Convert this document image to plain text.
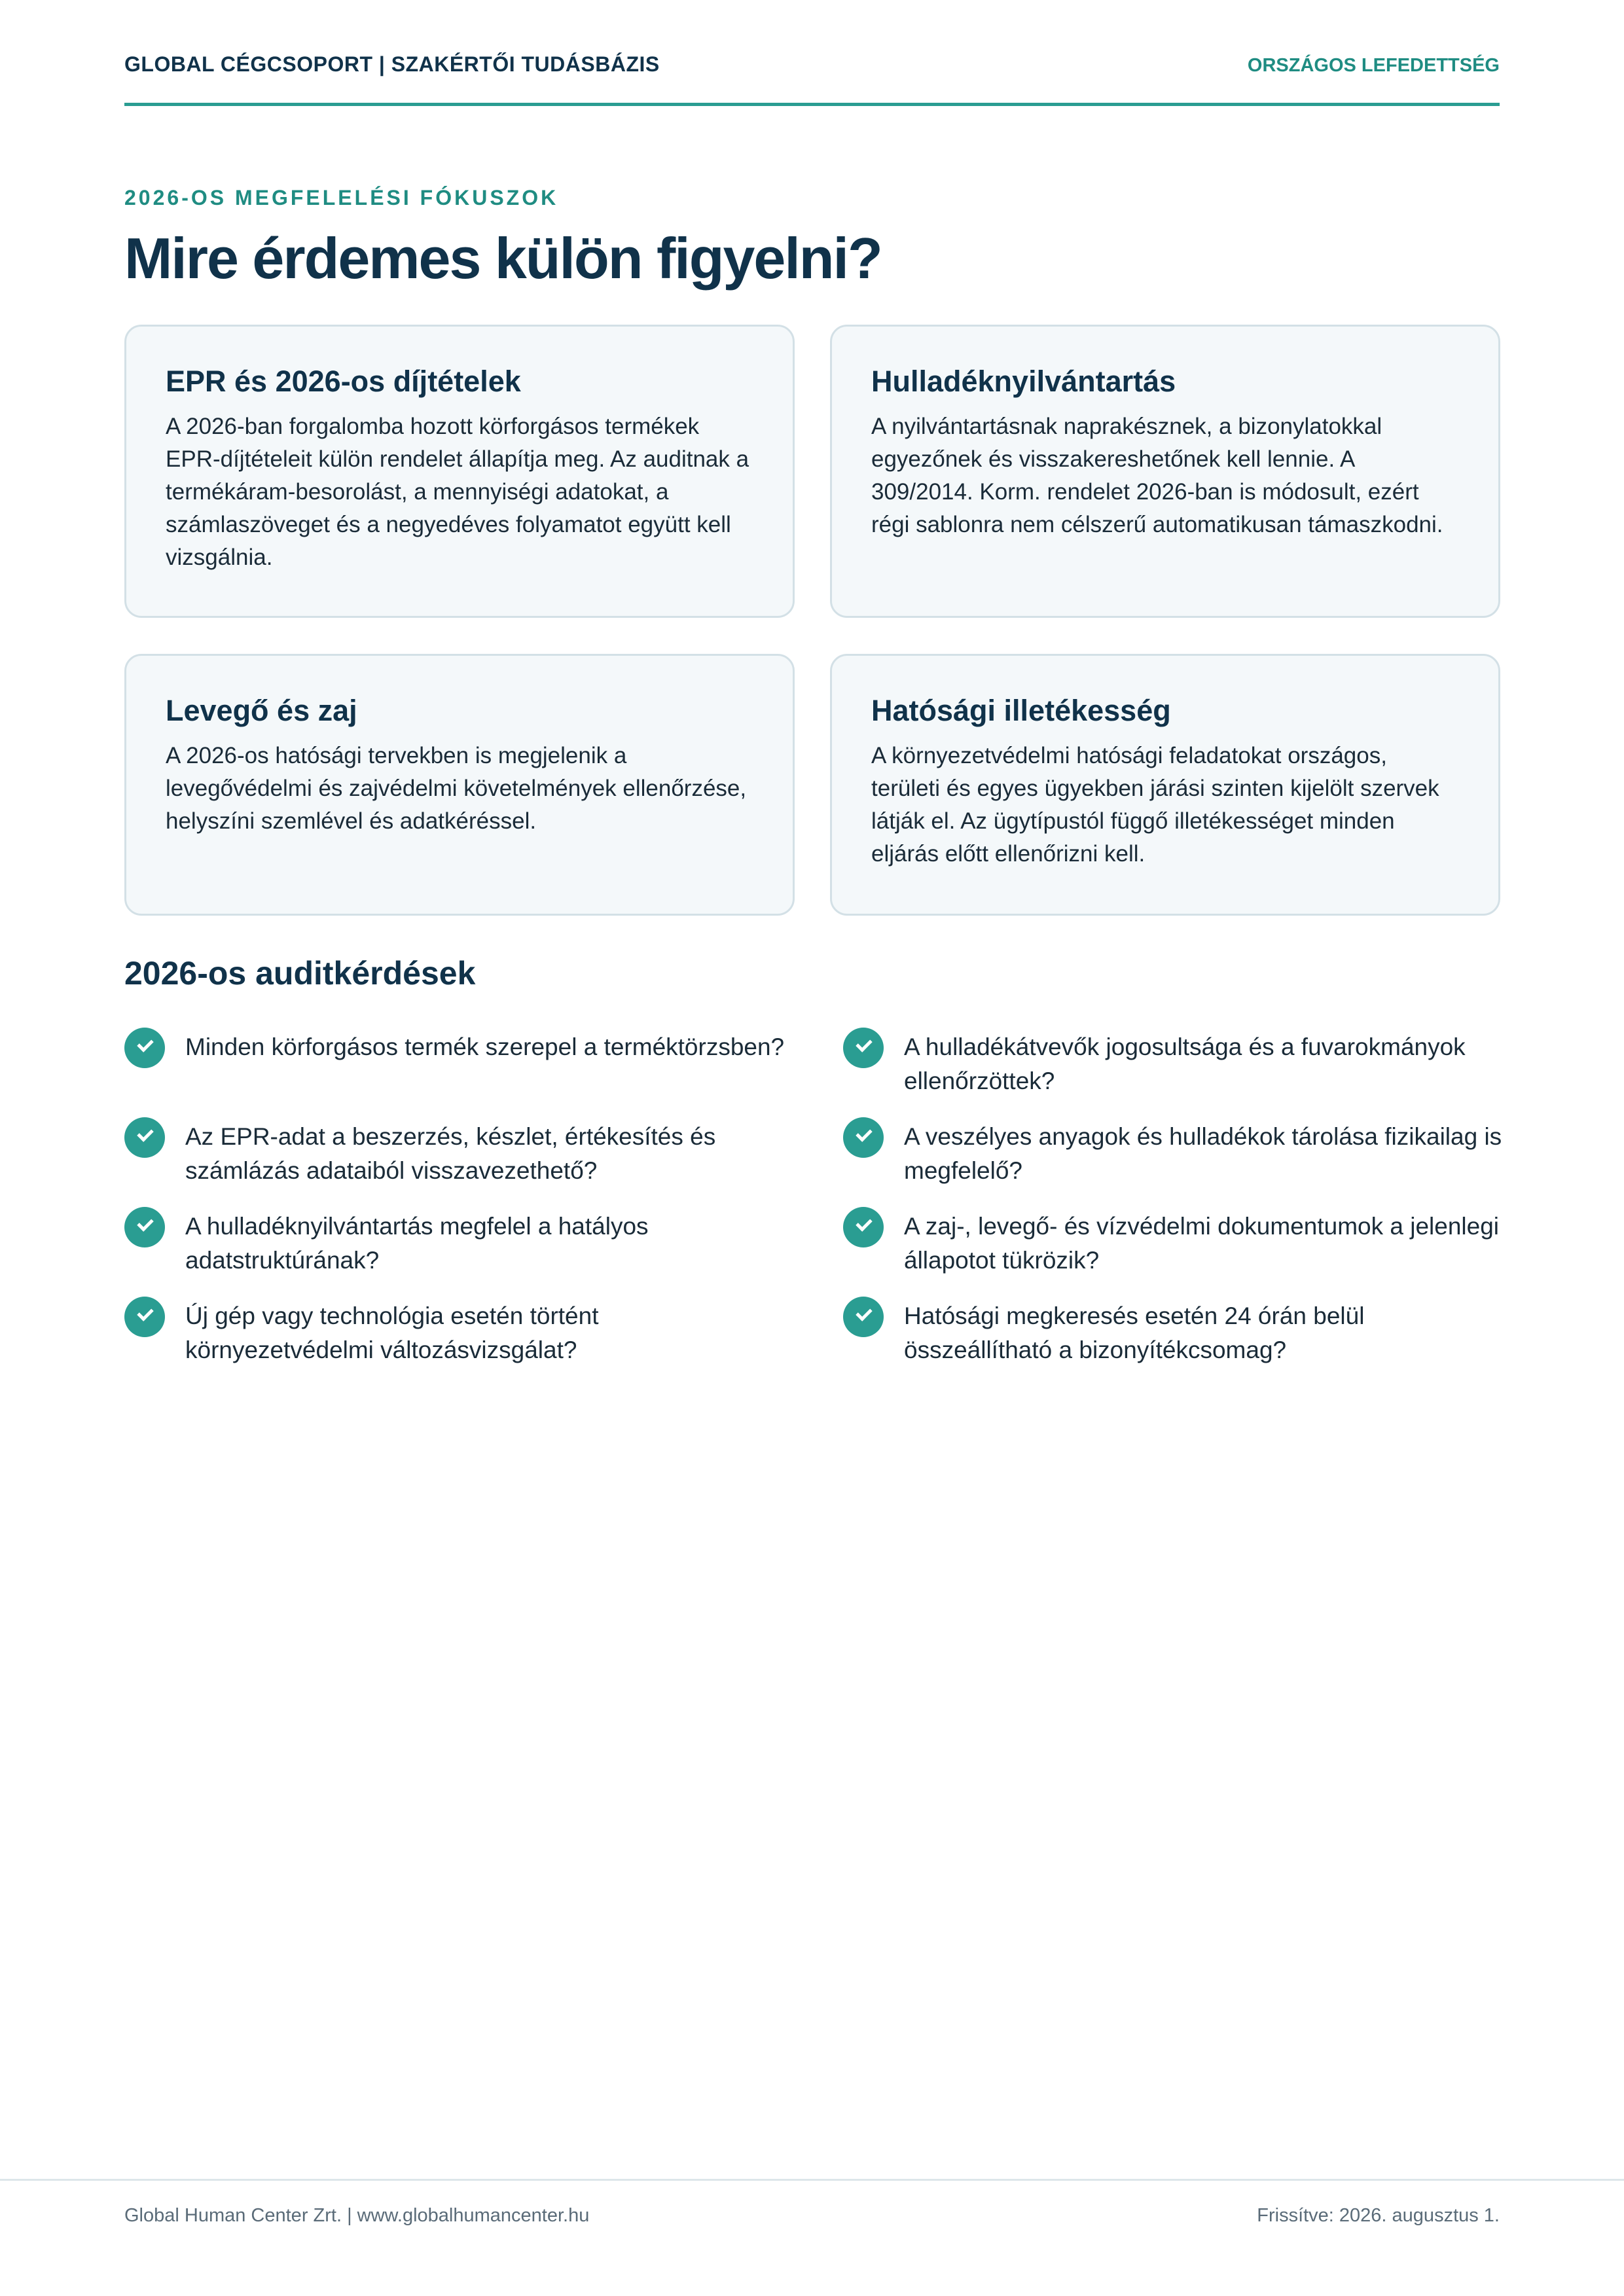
GLOBAL CÉGCSOPORT | SZAKÉRTŐI TUDÁSBÁZIS	ORSZÁGOS LEFEDETTSÉG
2026-OS MEGFELELÉSI FÓKUSZOK
Mire érdemes külön figyelni?
EPR és 2026-os díjtételek

A 2026-ban forgalomba hozott körforgásos termékek EPR-díjtételeit külön rendelet állapítja meg. Az auditnak a termékáram-besorolást, a mennyiségi adatokat, a számlaszöveget és a negyedéves folyamatot együtt kell vizsgálnia.

Hulladéknyilvántartás

A nyilvántartásnak naprakésznek, a bizonylatokkal egyezőnek és visszakereshetőnek kell lennie. A 309/2014. Korm. rendelet 2026-ban is módosult, ezért régi sablonra nem célszerű automatikusan támaszkodni.

Levegő és zaj

A 2026-os hatósági tervekben is megjelenik a levegővédelmi és zajvédelmi követelmények ellenőrzése, helyszíni szemlével és adatkéréssel.

Hatósági illetékesség

A környezetvédelmi hatósági feladatokat országos, területi és egyes ügyekben járási szinten kijelölt szervek látják el. Az ügytípustól függő illetékességet minden eljárás előtt ellenőrizni kell.

2026-os auditkérdések
Minden körforgásos termék szerepel a terméktörzsben?
Az EPR-adat a beszerzés, készlet, értékesítés és számlázás adataiból visszavezethető?
A hulladéknyilvántartás megfelel a hatályos adatstruktúrának?
Új gép vagy technológia esetén történt környezetvédelmi változásvizsgálat?
A hulladékátvevők jogosultsága és a fuvarokmányok ellenőrzöttek?
A veszélyes anyagok és hulladékok tárolása fizikailag is megfelelő?
A zaj-, levegő- és vízvédelmi dokumentumok a jelenlegi állapotot tükrözik?
Hatósági megkeresés esetén 24 órán belül összeállítható a bizonyítékcsomag?
Global Human Center Zrt. | www.globalhumancenter.hu	Frissítve: 2026. augusztus 1.
